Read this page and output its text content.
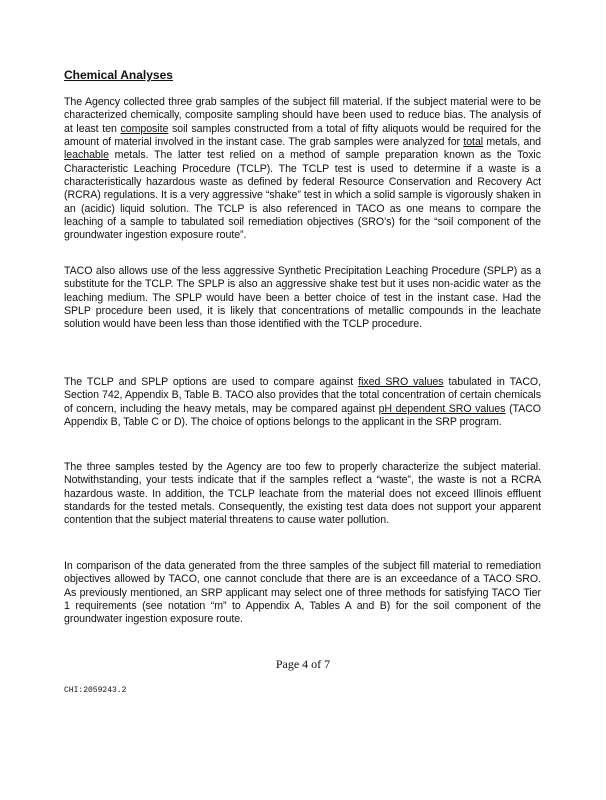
Chemical Analyses

The Agency collected three grab samples of the subject fill material. If the subject material were to be characterized chemically, composite sampling should have been used to reduce bias. The analysis of at least ten composite soil samples constructed from a total of fifty aliquots would be required for the amount of material involved in the instant case. The grab samples were analyzed for total metals, and leachable metals. The latter test relied on a method of sample preparation known as the Toxic Characteristic Leaching Procedure (TCLP). The TCLP test is used to determine if a waste is a characteristically hazardous waste as defined by federal Resource Conservation and Recovery Act (RCRA) regulations. It is a very aggressive “shake” test in which a solid sample is vigorously shaken in an (acidic) liquid solution. The TCLP is also referenced in TACO as one means to compare the leaching of a sample to tabulated soil remediation objectives (SRO’s) for the “soil component of the groundwater ingestion exposure route”.

TACO also allows use of the less aggressive Synthetic Precipitation Leaching Procedure (SPLP) as a substitute for the TCLP. The SPLP is also an aggressive shake test but it uses non-acidic water as the leaching medium. The SPLP would have been a better choice of test in the instant case. Had the SPLP procedure been used, it is likely that concentrations of metallic compounds in the leachate solution would have been less than those identified with the TCLP procedure.

The TCLP and SPLP options are used to compare against fixed SRO values tabulated in TACO, Section 742, Appendix B, Table B. TACO also provides that the total concentration of certain chemicals of concern, including the heavy metals, may be compared against pH dependent SRO values (TACO Appendix B, Table C or D). The choice of options belongs to the applicant in the SRP program.

The three samples tested by the Agency are too few to properly characterize the subject material. Notwithstanding, your tests indicate that if the samples reflect a “waste”, the waste is not a RCRA hazardous waste. In addition, the TCLP leachate from the material does not exceed Illinois effluent standards for the tested metals. Consequently, the existing test data does not support your apparent contention that the subject material threatens to cause water pollution.

In comparison of the data generated from the three samples of the subject fill material to remediation objectives allowed by TACO, one cannot conclude that there are is an exceedance of a TACO SRO. As previously mentioned, an SRP applicant may select one of three methods for satisfying TACO Tier 1 requirements (see notation “m” to Appendix A, Tables A and B) for the soil component of the groundwater ingestion exposure route.

Page 4 of 7

CHI:2059243.2
